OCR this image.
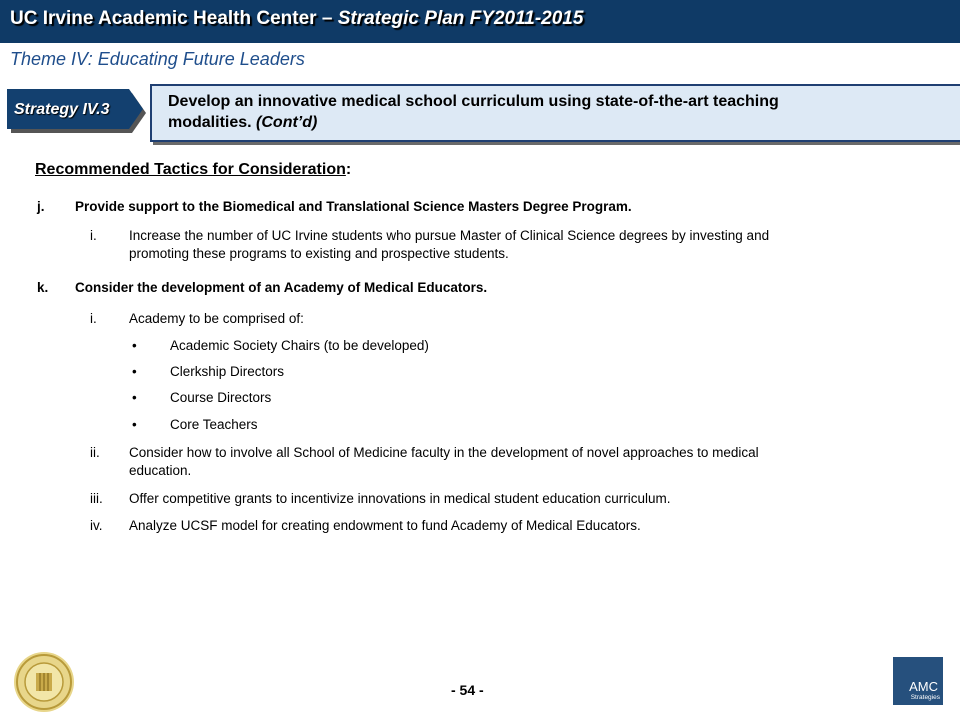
UC Irvine Academic Health Center – Strategic Plan FY2011-2015
Theme IV: Educating Future Leaders
Strategy IV.3	Develop an innovative medical school curriculum using state-of-the-art teaching
modalities. (Cont’d)
Recommended Tactics for Consideration:
j. Provide support to the Biomedical and Translational Science Masters Degree Program.
i. Increase the number of UC Irvine students who pursue Master of Clinical Science degrees by investing and
promoting these programs to existing and prospective students.
k. Consider the development of an Academy of Medical Educators.
i. Academy to be comprised of:
• Academic Society Chairs (to be developed)
• Clerkship Directors
• Course Directors
• Core Teachers
ii. Consider how to involve all School of Medicine faculty in the development of novel approaches to medical
education.
iii. Offer competitive grants to incentivize innovations in medical student education curriculum.
iv. Analyze UCSF model for creating endowment to fund Academy of Medical Educators.
- 54 -	AMC
Strategies
